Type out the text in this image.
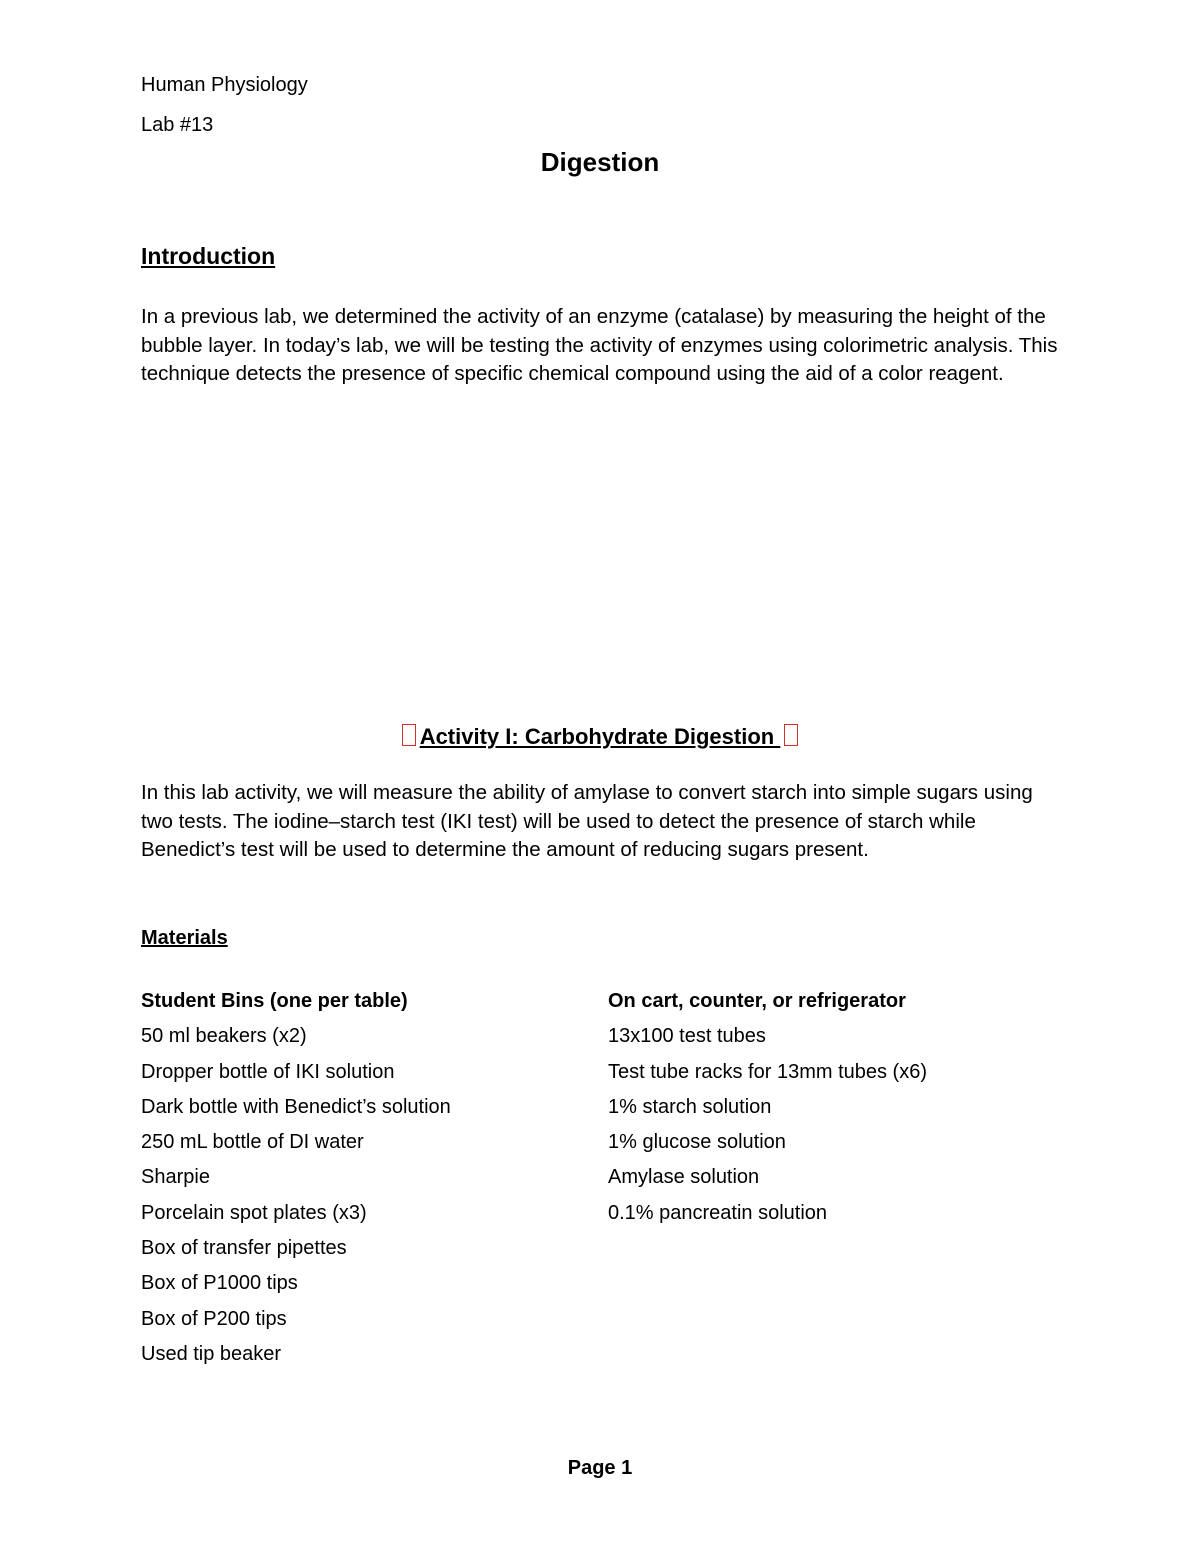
Human Physiology
Lab #13
Digestion
Introduction
In a previous lab, we determined the activity of an enzyme (catalase) by measuring the height of the bubble layer. In today’s lab, we will be testing the activity of enzymes using colorimetric analysis. This technique detects the presence of specific chemical compound using the aid of a color reagent.
Activity I: Carbohydrate Digestion
In this lab activity, we will measure the ability of amylase to convert starch into simple sugars using two tests. The iodine–starch test (IKI test) will be used to detect the presence of starch while Benedict’s test will be used to determine the amount of reducing sugars present.
Materials
Student Bins (one per table)
50 ml beakers (x2)
Dropper bottle of IKI solution
Dark bottle with Benedict’s solution
250 mL bottle of DI water
Sharpie
Porcelain spot plates (x3)
Box of transfer pipettes
Box of P1000 tips
Box of P200 tips
Used tip beaker
On cart, counter, or refrigerator
13x100 test tubes
Test tube racks for 13mm tubes (x6)
1% starch solution
1% glucose solution
Amylase solution
0.1% pancreatin solution
Page 1
